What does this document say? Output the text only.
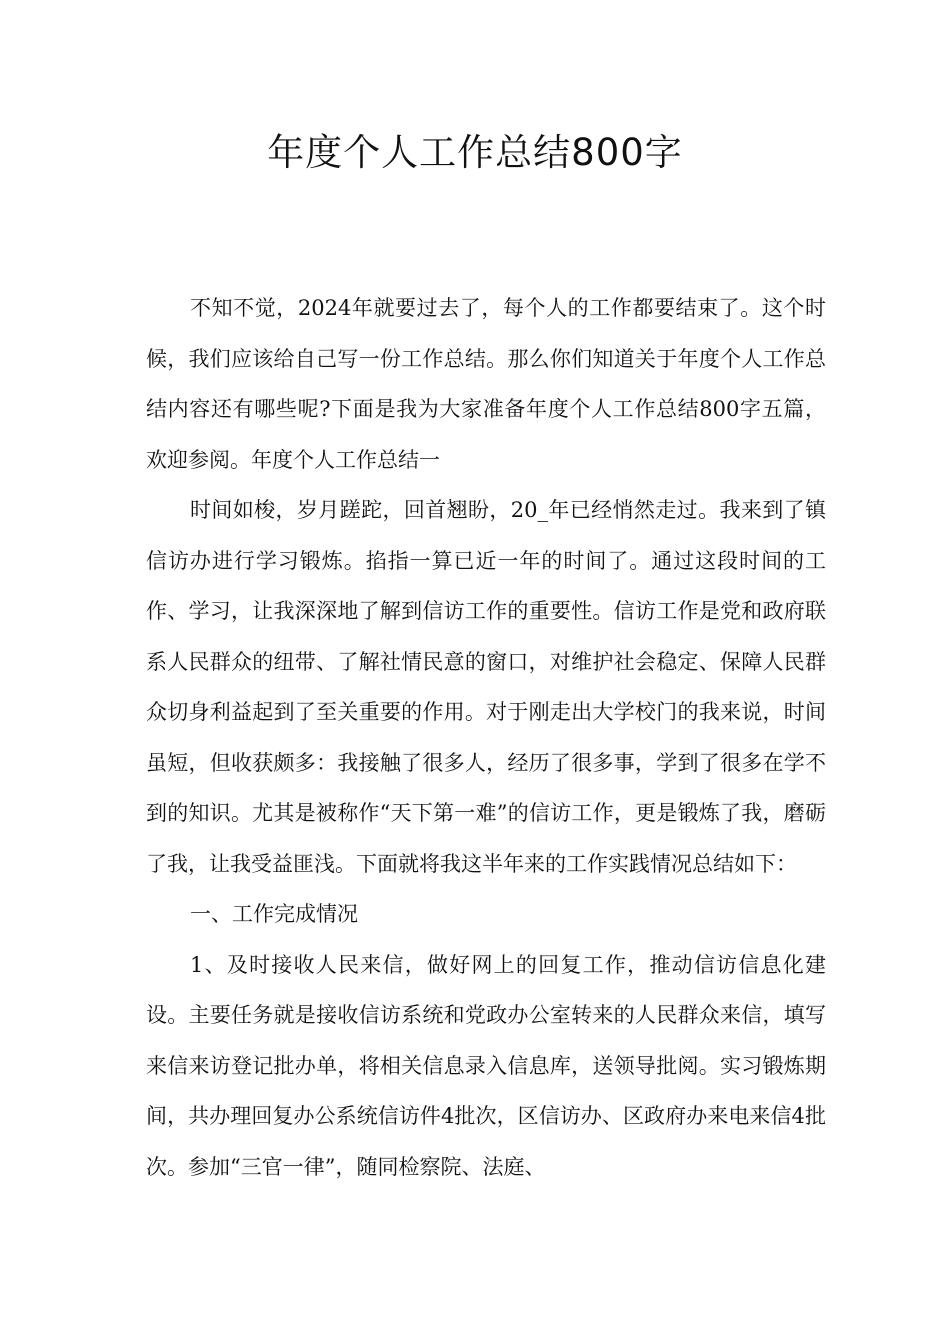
年度个人工作总结800字

不知不觉，2024年就要过去了，每个人的工作都要结束了。这个时候，我们应该给自己写一份工作总结。那么你们知道关于年度个人工作总结内容还有哪些呢?下面是我为大家准备年度个人工作总结800字五篇，欢迎参阅。年度个人工作总结一

时间如梭，岁月蹉跎，回首翘盼，20_年已经悄然走过。我来到了镇信访办进行学习锻炼。掐指一算已近一年的时间了。通过这段时间的工作、学习，让我深深地了解到信访工作的重要性。信访工作是党和政府联系人民群众的纽带、了解社情民意的窗口，对维护社会稳定、保障人民群众切身利益起到了至关重要的作用。对于刚走出大学校门的我来说，时间虽短，但收获颇多：我接触了很多人，经历了很多事，学到了很多在学不到的知识。尤其是被称作“天下第一难”的信访工作，更是锻炼了我，磨砺了我，让我受益匪浅。下面就将我这半年来的工作实践情况总结如下：

一、工作完成情况

1、及时接收人民来信，做好网上的回复工作，推动信访信息化建设。主要任务就是接收信访系统和党政办公室转来的人民群众来信，填写来信来访登记批办单，将相关信息录入信息库，送领导批阅。实习锻炼期间，共办理回复办公系统信访件4批次，区信访办、区政府办来电来信4批次。参加“三官一律”，随同检察院、法庭、
